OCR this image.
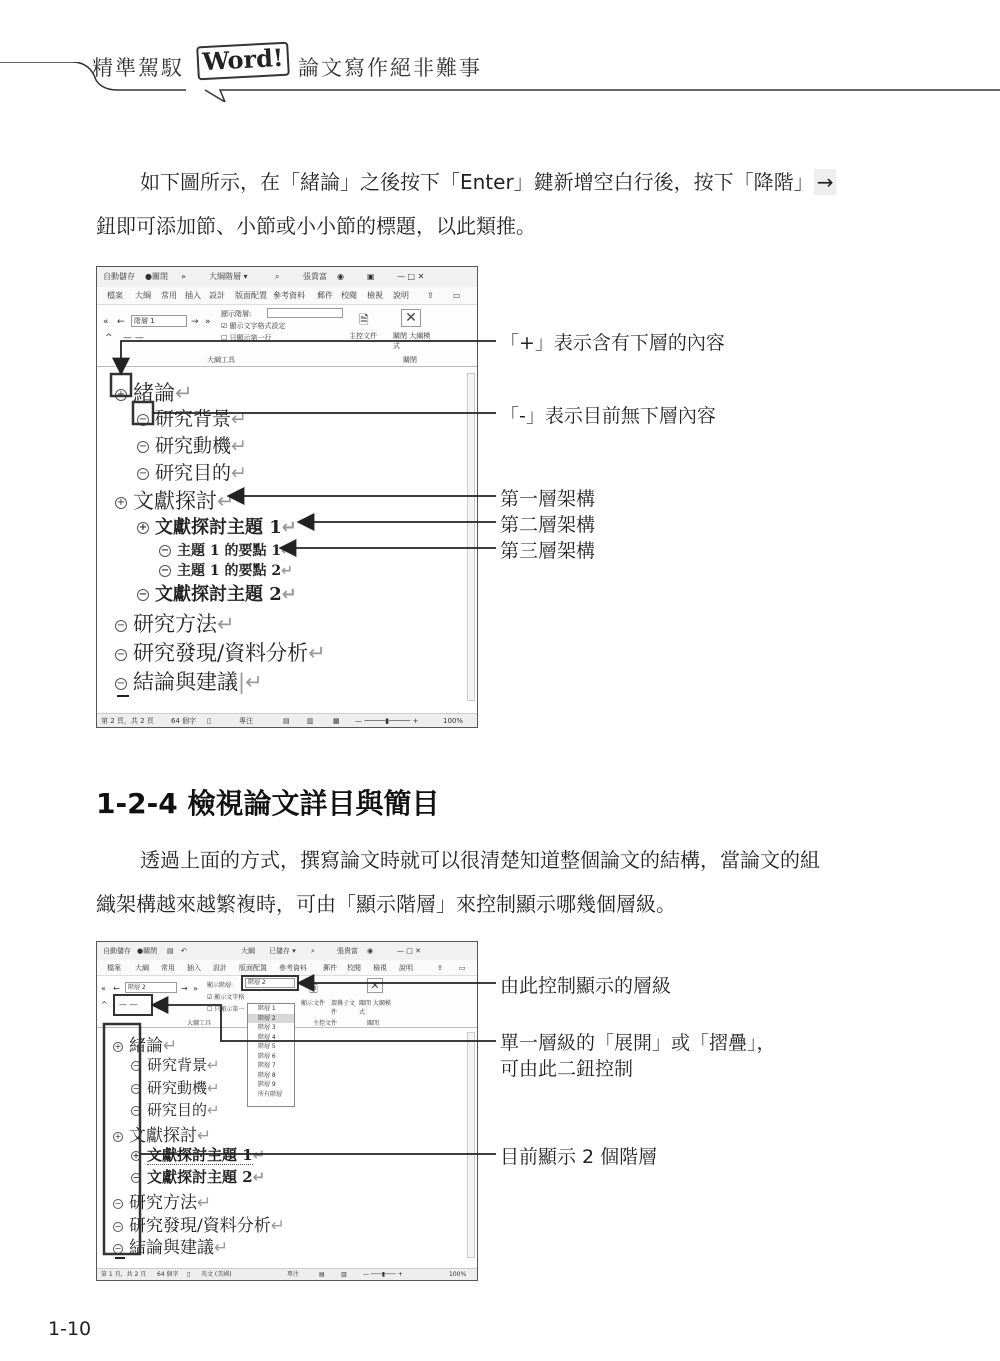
精準駕馭 Word! 論文寫作絕非難事
如下圖所示，在「緒論」之後按下「Enter」鍵新增空白行後，按下「降階」 →
鈕即可添加節、小節或小小節的標題，以此類推。
自動儲存 ●關閉 »	大綱階層 ▾	⌕	張貴富 ◉	▣	— □ ✕
檔案 大綱 常用 插入 設計 版面配置 參考資料 郵件 校閱 檢視 說明 ⇪ ▭
« ←	階層 1	→ »
^ — —
顯示階層:
☑ 顯示文字格式設定
☐ 只顯示第一行
大綱工具
🗎
主控文件
✕
關閉 大綱模式
關閉
+ 緒論↵
− 研究背景↵
− 研究動機↵
− 研究目的↵
+ 文獻探討↵
+ 文獻探討主題 1↵
− 主題 1 的要點 1↵
− 主題 1 的要點 2↵
− 文獻探討主題 2↵
− 研究方法↵
− 研究發現/資料分析↵
− 結論與建議|↵
第 2 頁，共 2 頁 64 個字 ▯	專注	▤ ▥	▦ — ─────▮───── +	100%
「+」表示含有下層的內容
「-」表示目前無下層內容
第一層架構
第二層架構
第三層架構
1-2-4 檢視論文詳目與簡目
透過上面的方式，撰寫論文時就可以很清楚知道整個論文的結構，當論文的組
織架構越來越繁複時，可由「顯示階層」來控制顯示哪幾個層級。
自動儲存 ●關閉 ▤ ↶	大綱 已儲存 ▾ ⌕	張貴富 ◉	— □ ✕
檔案 大綱 常用 插入 設計 版面配置 參考資料 郵件 校閱 檢視 說明	⇪ ▭
« ←	階層 2	→ »
^ — —
顯示階層:	階層 2
☑ 顯示文字格
☐ 只顯示第一
大綱工具
🗎
顯示文件 摺疊子文件
主控文件
✕
關閉 大綱模式
關閉
階層 1
階層 2
階層 3
階層 4
階層 5
階層 6
階層 7
階層 8
階層 9
所有階層
+ 緒論↵
− 研究背景↵
− 研究動機↵
− 研究目的↵
+ 文獻探討↵
+ 文獻探討主題 1↵
− 文獻探討主題 2↵
− 研究方法↵
− 研究發現/資料分析↵
− 結論與建議↵
第 1 頁，共 2 頁 64 個字 ▯ 英文 (美國)	專注	▤	▥	— ───▮─── +	100%
由此控制顯示的層級
單一層級的「展開」或「摺疊」，
可由此二鈕控制
目前顯示 2 個階層
1-10
